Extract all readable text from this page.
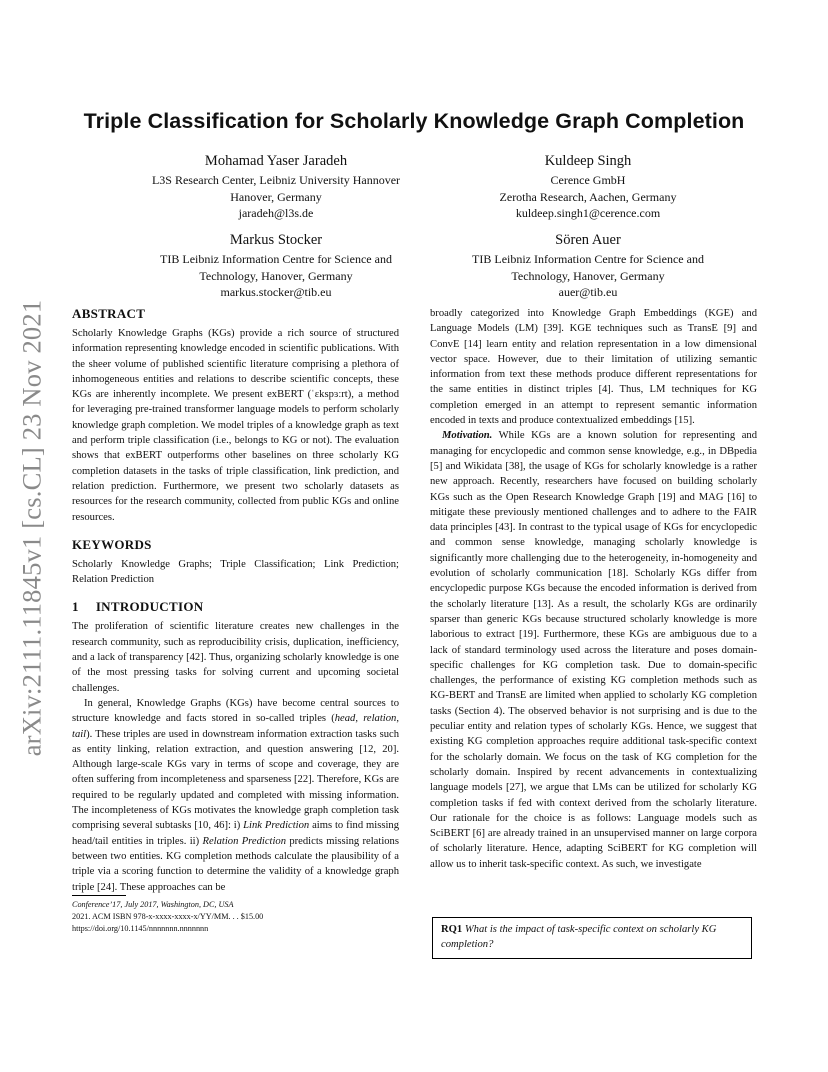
arXiv:2111.11845v1 [cs.CL] 23 Nov 2021
Triple Classification for Scholarly Knowledge Graph Completion
Mohamad Yaser Jaradeh
L3S Research Center, Leibniz University Hannover
Hanover, Germany
jaradeh@l3s.de
Kuldeep Singh
Cerence GmbH
Zerotha Research, Aachen, Germany
kuldeep.singh1@cerence.com
Markus Stocker
TIB Leibniz Information Centre for Science and
Technology, Hanover, Germany
markus.stocker@tib.eu
Sören Auer
TIB Leibniz Information Centre for Science and
Technology, Hanover, Germany
auer@tib.eu
ABSTRACT

Scholarly Knowledge Graphs (KGs) provide a rich source of structured information representing knowledge encoded in scientific publications. With the sheer volume of published scientific literature comprising a plethora of inhomogeneous entities and relations to describe scientific concepts, these KGs are inherently incomplete. We present exBERT (ˈɛkspɜːrt), a method for leveraging pre-trained transformer language models to perform scholarly knowledge graph completion. We model triples of a knowledge graph as text and perform triple classification (i.e., belongs to KG or not). The evaluation shows that exBERT outperforms other baselines on three scholarly KG completion datasets in the tasks of triple classification, link prediction, and relation prediction. Furthermore, we present two scholarly datasets as resources for the research community, collected from public KGs and online resources.

KEYWORDS

Scholarly Knowledge Graphs; Triple Classification; Link Prediction; Relation Prediction

1 INTRODUCTION

The proliferation of scientific literature creates new challenges in the research community, such as reproducibility crisis, duplication, inefficiency, and a lack of transparency [42]. Thus, organizing scholarly knowledge is one of the most pressing tasks for solving current and upcoming societal challenges.

In general, Knowledge Graphs (KGs) have become central sources to structure knowledge and facts stored in so-called triples (head, relation, tail). These triples are used in downstream information extraction tasks such as entity linking, relation extraction, and question answering [12, 20]. Although large-scale KGs vary in terms of scope and coverage, they are often suffering from incompleteness and sparseness [22]. Therefore, KGs are required to be regularly updated and completed with missing information. The incompleteness of KGs motivates the knowledge graph completion task comprising several subtasks [10, 46]: i) Link Prediction aims to find missing head/tail entities in triples. ii) Relation Prediction predicts missing relations between two entities. KG completion methods calculate the plausibility of a triple via a scoring function to determine the validity of a knowledge graph triple [24]. These approaches can be

broadly categorized into Knowledge Graph Embeddings (KGE) and Language Models (LM) [39]. KGE techniques such as TransE [9] and ConvE [14] learn entity and relation representation in a low dimensional vector space. However, due to their limitation of utilizing semantic information from text these methods produce different representations for the same entities in distinct triples [4]. Thus, LM techniques for KG completion emerged in an attempt to represent semantic information encoded in texts and produce contextualized embeddings [15].

Motivation. While KGs are a known solution for representing and managing for encyclopedic and common sense knowledge, e.g., in DBpedia [5] and Wikidata [38], the usage of KGs for scholarly knowledge is a rather new approach. Recently, researchers have focused on building scholarly KGs such as the Open Research Knowledge Graph [19] and MAG [16] to mitigate these previously mentioned challenges and to adhere to the FAIR data principles [43]. In contrast to the typical usage of KGs for encyclopedic and common sense knowledge, managing scholarly knowledge is significantly more challenging due to the heterogeneity, in-homogeneity and evolution of scholarly communication [18]. Scholarly KGs differ from encyclopedic purpose KGs because the encoded information is derived from the scholarly literature [13]. As a result, the scholarly KGs are ordinarily sparser than generic KGs because structured scholarly knowledge is more laborious to extract [19]. Furthermore, these KGs are ambiguous due to a lack of standard terminology used across the literature and poses domain-specific challenges for KG completion task. Due to domain-specific challenges, the performance of existing KG completion methods such as KG-BERT and TransE are limited when applied to scholarly KG completion tasks (Section 4). The observed behavior is not surprising and is due to the peculiar entity and relation types of scholarly KGs. Hence, we suggest that existing KG completion approaches require additional task-specific context for the scholarly domain. We focus on the task of KG completion for the scholarly domain. Inspired by recent advancements in contextualizing language models [27], we argue that LMs can be utilized for scholarly KG completion tasks if fed with context derived from the scholarly literature. Our rationale for the choice is as follows: Language models such as SciBERT [6] are already trained in an unsupervised manner on large corpora of scholarly literature. Hence, adapting SciBERT for KG completion will allow us to inherit task-specific context. As such, we investigate

RQ1 What is the impact of task-specific context on scholarly KG completion?
Conference’17, July 2017, Washington, DC, USA
2021. ACM ISBN 978-x-xxxx-xxxx-x/YY/MM. . . $15.00
https://doi.org/10.1145/nnnnnnn.nnnnnnn
